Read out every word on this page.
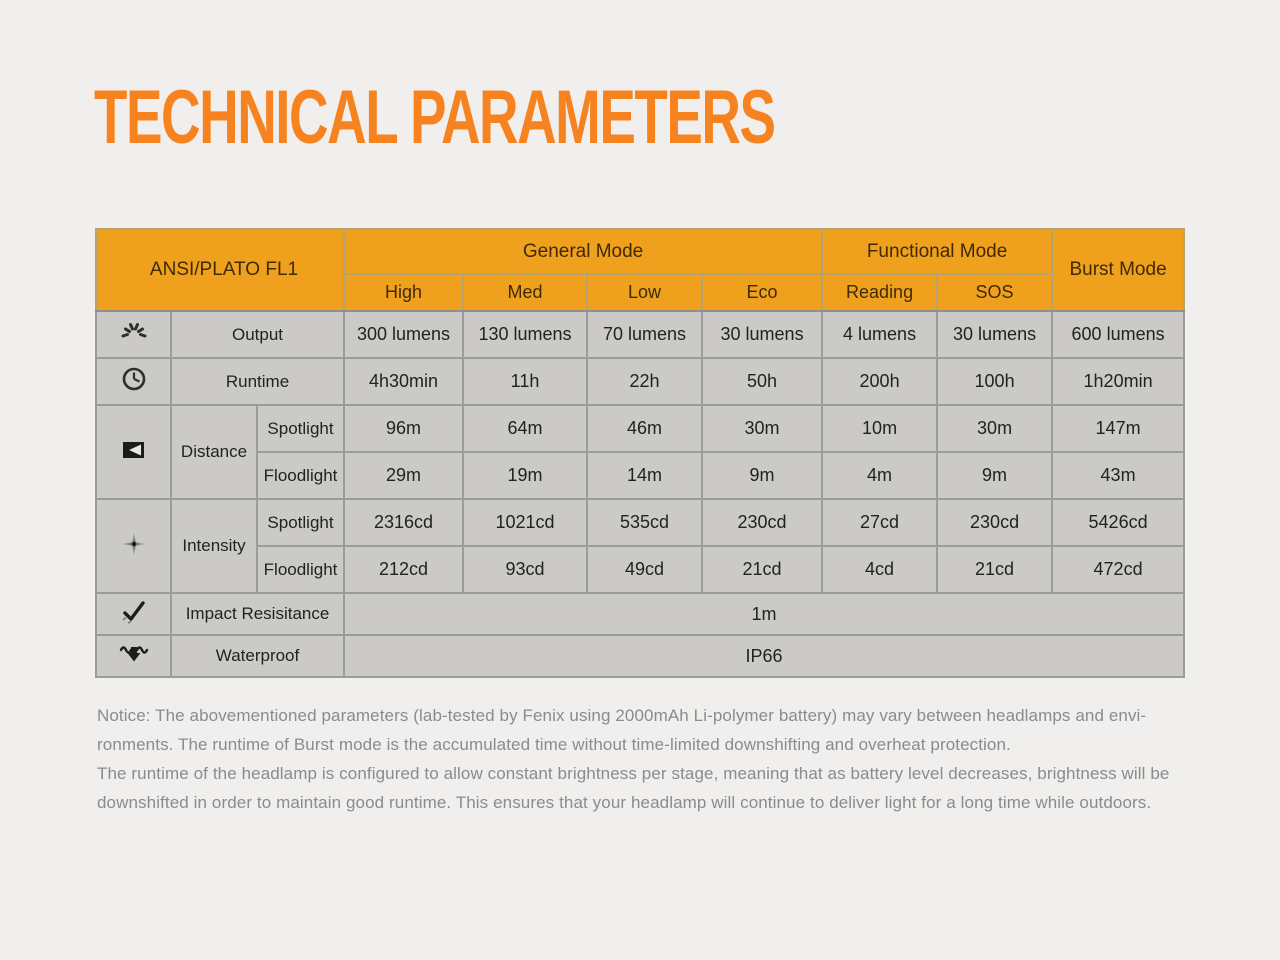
TECHNICAL PARAMETERS
ANSI/PLATO FL1			General Mode				Functional Mode		Burst Mode
			High	Med	Low	Eco	Reading	SOS	

	Output		300 lumens	130 lumens	70 lumens	30 lumens	4 lumens	30 lumens	600 lumens

	Runtime		4h30min	11h	22h	50h	200h	100h	1h20min

	Distance	Spotlight	96m	64m	46m	30m	10m	30m	147m
		Floodlight	29m	19m	14m	9m	4m	9m	43m

	Intensity	Spotlight	2316cd	1021cd	535cd	230cd	27cd	230cd	5426cd
		Floodlight	212cd	93cd	49cd	21cd	4cd	21cd	472cd

	Impact Resisitance		1m						

	Waterproof		IP66						
Notice: The abovementioned parameters (lab-tested by Fenix using 2000mAh Li-polymer battery) may vary between headlamps and envi-
ronments. The runtime of Burst mode is the accumulated time without time-limited downshifting and overheat protection.
The runtime of the headlamp is configured to allow constant brightness per stage, meaning that as battery level decreases, brightness will be
downshifted in order to maintain good runtime. This ensures that your headlamp will continue to deliver light for a long time while outdoors.
